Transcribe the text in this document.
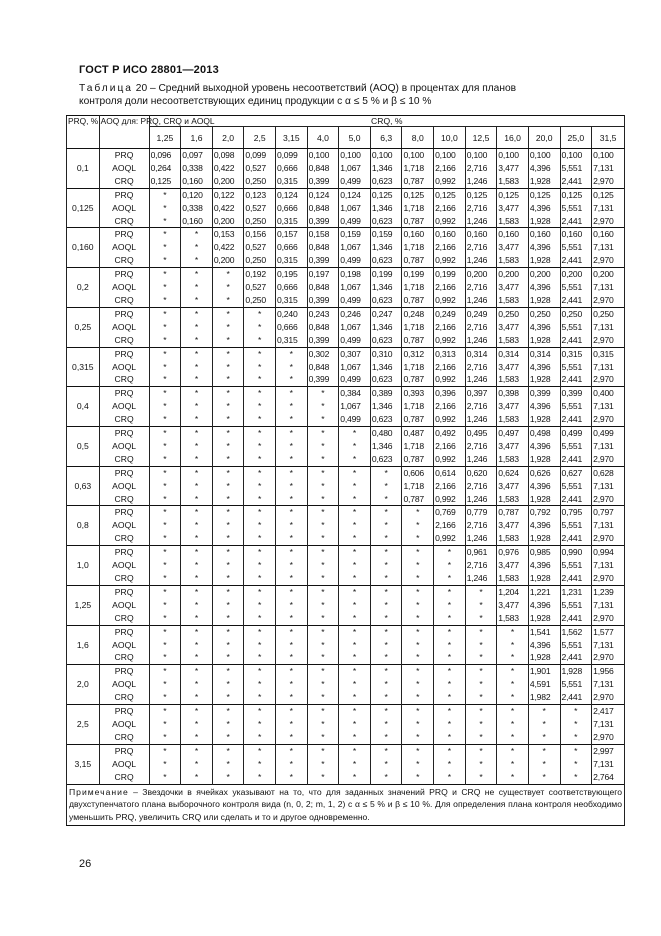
ГОСТ Р ИСО 28801—2013
Таблица 20 – Средний выходной уровень несоответствий (AOQ) в процентах для планов
контроля доли несоответствующих единиц продукции с α ≤ 5 % и β ≤ 10 %
PRQ, %	AOQ для: PRQ, CRQ и AOQL	CRQ, %														
		1,25	1,6	2,0	2,5	3,15	4,0	5,0	6,3	8,0	10,0	12,5	16,0	20,0	25,0	31,5
0,1	PRQ	0,096	0,097	0,098	0,099	0,099	0,100	0,100	0,100	0,100	0,100	0,100	0,100	0,100	0,100	0,100
	AOQL	0,264	0,338	0,422	0,527	0,666	0,848	1,067	1,346	1,718	2,166	2,716	3,477	4,396	5,551	7,131
	CRQ	0,125	0,160	0,200	0,250	0,315	0,399	0,499	0,623	0,787	0,992	1,246	1,583	1,928	2,441	2,970
0,125	PRQ	*	0,120	0,122	0,123	0,124	0,124	0,124	0,125	0,125	0,125	0,125	0,125	0,125	0,125	0,125
	AOQL	*	0,338	0,422	0,527	0,666	0,848	1,067	1,346	1,718	2,166	2,716	3,477	4,396	5,551	7,131
	CRQ	*	0,160	0,200	0,250	0,315	0,399	0,499	0,623	0,787	0,992	1,246	1,583	1,928	2,441	2,970
0,160	PRQ	*	*	0,153	0,156	0,157	0,158	0,159	0,159	0,160	0,160	0,160	0,160	0,160	0,160	0,160
	AOQL	*	*	0,422	0,527	0,666	0,848	1,067	1,346	1,718	2,166	2,716	3,477	4,396	5,551	7,131
	CRQ	*	*	0,200	0,250	0,315	0,399	0,499	0,623	0,787	0,992	1,246	1,583	1,928	2,441	2,970
0,2	PRQ	*	*	*	0,192	0,195	0,197	0,198	0,199	0,199	0,199	0,200	0,200	0,200	0,200	0,200
	AOQL	*	*	*	0,527	0,666	0,848	1,067	1,346	1,718	2,166	2,716	3,477	4,396	5,551	7,131
	CRQ	*	*	*	0,250	0,315	0,399	0,499	0,623	0,787	0,992	1,246	1,583	1,928	2,441	2,970
0,25	PRQ	*	*	*	*	0,240	0,243	0,246	0,247	0,248	0,249	0,249	0,250	0,250	0,250	0,250
	AOQL	*	*	*	*	0,666	0,848	1,067	1,346	1,718	2,166	2,716	3,477	4,396	5,551	7,131
	CRQ	*	*	*	*	0,315	0,399	0,499	0,623	0,787	0,992	1,246	1,583	1,928	2,441	2,970
0,315	PRQ	*	*	*	*	*	0,302	0,307	0,310	0,312	0,313	0,314	0,314	0,314	0,315	0,315
	AOQL	*	*	*	*	*	0,848	1,067	1,346	1,718	2,166	2,716	3,477	4,396	5,551	7,131
	CRQ	*	*	*	*	*	0,399	0,499	0,623	0,787	0,992	1,246	1,583	1,928	2,441	2,970
0,4	PRQ	*	*	*	*	*	*	0,384	0,389	0,393	0,396	0,397	0,398	0,399	0,399	0,400
	AOQL	*	*	*	*	*	*	1,067	1,346	1,718	2,166	2,716	3,477	4,396	5,551	7,131
	CRQ	*	*	*	*	*	*	0,499	0,623	0,787	0,992	1,246	1,583	1,928	2,441	2,970
0,5	PRQ	*	*	*	*	*	*	*	0,480	0,487	0,492	0,495	0,497	0,498	0,499	0,499
	AOQL	*	*	*	*	*	*	*	1,346	1,718	2,166	2,716	3,477	4,396	5,551	7,131
	CRQ	*	*	*	*	*	*	*	0,623	0,787	0,992	1,246	1,583	1,928	2,441	2,970
0,63	PRQ	*	*	*	*	*	*	*	*	0,606	0,614	0,620	0,624	0,626	0,627	0,628
	AOQL	*	*	*	*	*	*	*	*	1,718	2,166	2,716	3,477	4,396	5,551	7,131
	CRQ	*	*	*	*	*	*	*	*	0,787	0,992	1,246	1,583	1,928	2,441	2,970
0,8	PRQ	*	*	*	*	*	*	*	*	*	0,769	0,779	0,787	0,792	0,795	0,797
	AOQL	*	*	*	*	*	*	*	*	*	2,166	2,716	3,477	4,396	5,551	7,131
	CRQ	*	*	*	*	*	*	*	*	*	0,992	1,246	1,583	1,928	2,441	2,970
1,0	PRQ	*	*	*	*	*	*	*	*	*	*	0,961	0,976	0,985	0,990	0,994
	AOQL	*	*	*	*	*	*	*	*	*	*	2,716	3,477	4,396	5,551	7,131
	CRQ	*	*	*	*	*	*	*	*	*	*	1,246	1,583	1,928	2,441	2,970
1,25	PRQ	*	*	*	*	*	*	*	*	*	*	*	1,204	1,221	1,231	1,239
	AOQL	*	*	*	*	*	*	*	*	*	*	*	3,477	4,396	5,551	7,131
	CRQ	*	*	*	*	*	*	*	*	*	*	*	1,583	1,928	2,441	2,970
1,6	PRQ	*	*	*	*	*	*	*	*	*	*	*	*	1,541	1,562	1,577
	AOQL	*	*	*	*	*	*	*	*	*	*	*	*	4,396	5,551	7,131
	CRQ	*	*	*	*	*	*	*	*	*	*	*	*	1,928	2,441	2,970
2,0	PRQ	*	*	*	*	*	*	*	*	*	*	*	*	1,901	1,928	1,956
	AOQL	*	*	*	*	*	*	*	*	*	*	*	*	4,591	5,551	7,131
	CRQ	*	*	*	*	*	*	*	*	*	*	*	*	1,982	2,441	2,970
2,5	PRQ	*	*	*	*	*	*	*	*	*	*	*	*	*	*	2,417
	AOQL	*	*	*	*	*	*	*	*	*	*	*	*	*	*	7,131
	CRQ	*	*	*	*	*	*	*	*	*	*	*	*	*	*	2,970
3,15	PRQ	*	*	*	*	*	*	*	*	*	*	*	*	*	*	2,997
	AOQL	*	*	*	*	*	*	*	*	*	*	*	*	*	*	7,131
	CRQ	*	*	*	*	*	*	*	*	*	*	*	*	*	*	2,764
Примечание – Звездочки в ячейках указывают на то, что для заданных значений PRQ и CRQ не существует соответствующего двухступенчатого плана выборочного контроля вида (n, 0, 2; m, 1, 2) с α ≤ 5 % и β ≤ 10 %. Для определения плана контроля необходимо уменьшить PRQ, увеличить CRQ или сделать и то и другое одновременно.																
26
